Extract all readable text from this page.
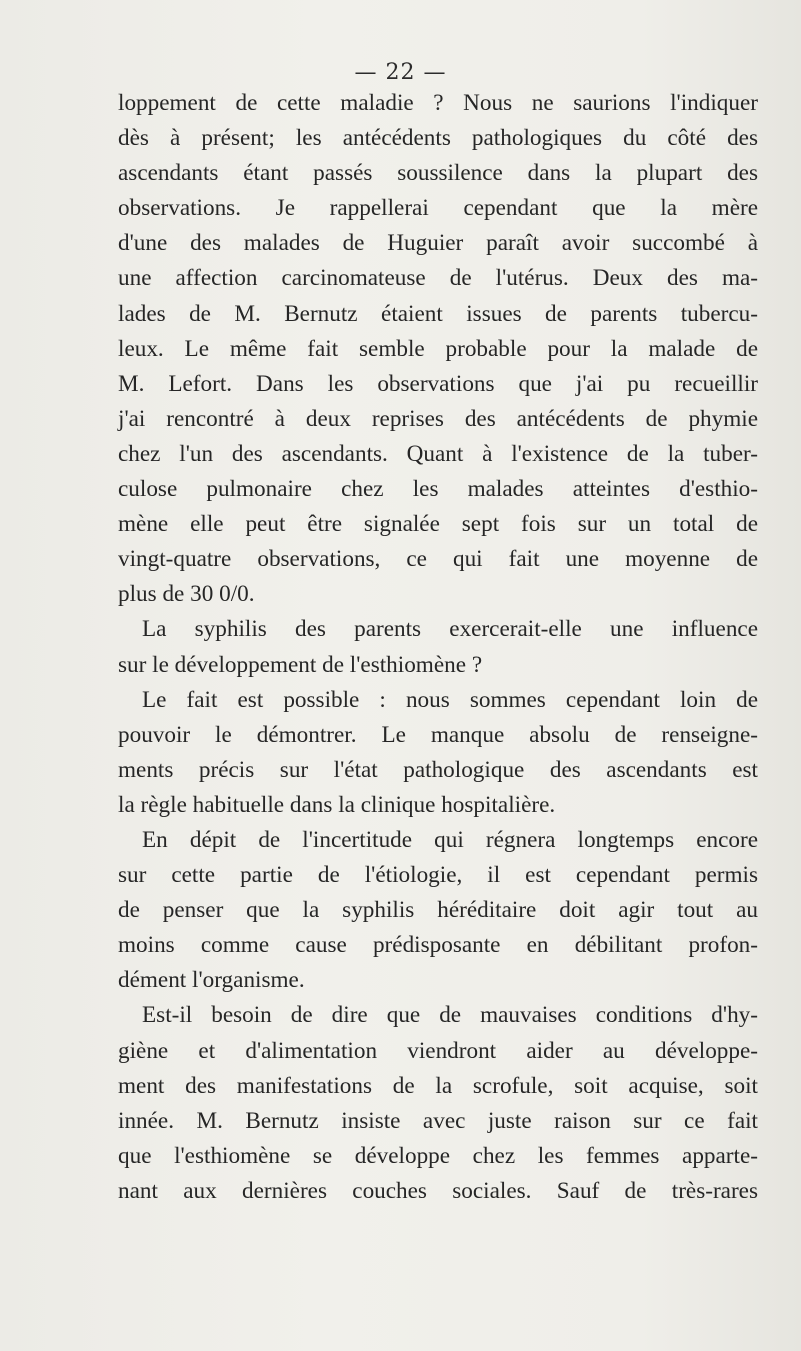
— 22 —
loppement de cette maladie ? Nous ne saurions l'indiquer
dès à présent; les antécédents pathologiques du côté des
ascendants étant passés soussilence dans la plupart des
observations. Je rappellerai cependant que la mère
d'une des malades de Huguier paraît avoir succombé à
une affection carcinomateuse de l'utérus. Deux des ma-
lades de M. Bernutz étaient issues de parents tubercu-
leux. Le même fait semble probable pour la malade de
M. Lefort. Dans les observations que j'ai pu recueillir
j'ai rencontré à deux reprises des antécédents de phymie
chez l'un des ascendants. Quant à l'existence de la tuber-
culose pulmonaire chez les malades atteintes d'esthio-
mène elle peut être signalée sept fois sur un total de
vingt-quatre observations, ce qui fait une moyenne de
plus de 30 0/0.
La syphilis des parents exercerait-elle une influence
sur le développement de l'esthiomène ?
Le fait est possible : nous sommes cependant loin de
pouvoir le démontrer. Le manque absolu de renseigne-
ments précis sur l'état pathologique des ascendants est
la règle habituelle dans la clinique hospitalière.
En dépit de l'incertitude qui régnera longtemps encore
sur cette partie de l'étiologie, il est cependant permis
de penser que la syphilis héréditaire doit agir tout au
moins comme cause prédisposante en débilitant profon-
dément l'organisme.
Est-il besoin de dire que de mauvaises conditions d'hy-
giène et d'alimentation viendront aider au développe-
ment des manifestations de la scrofule, soit acquise, soit
innée. M. Bernutz insiste avec juste raison sur ce fait
que l'esthiomène se développe chez les femmes apparte-
nant aux dernières couches sociales. Sauf de très-rares
